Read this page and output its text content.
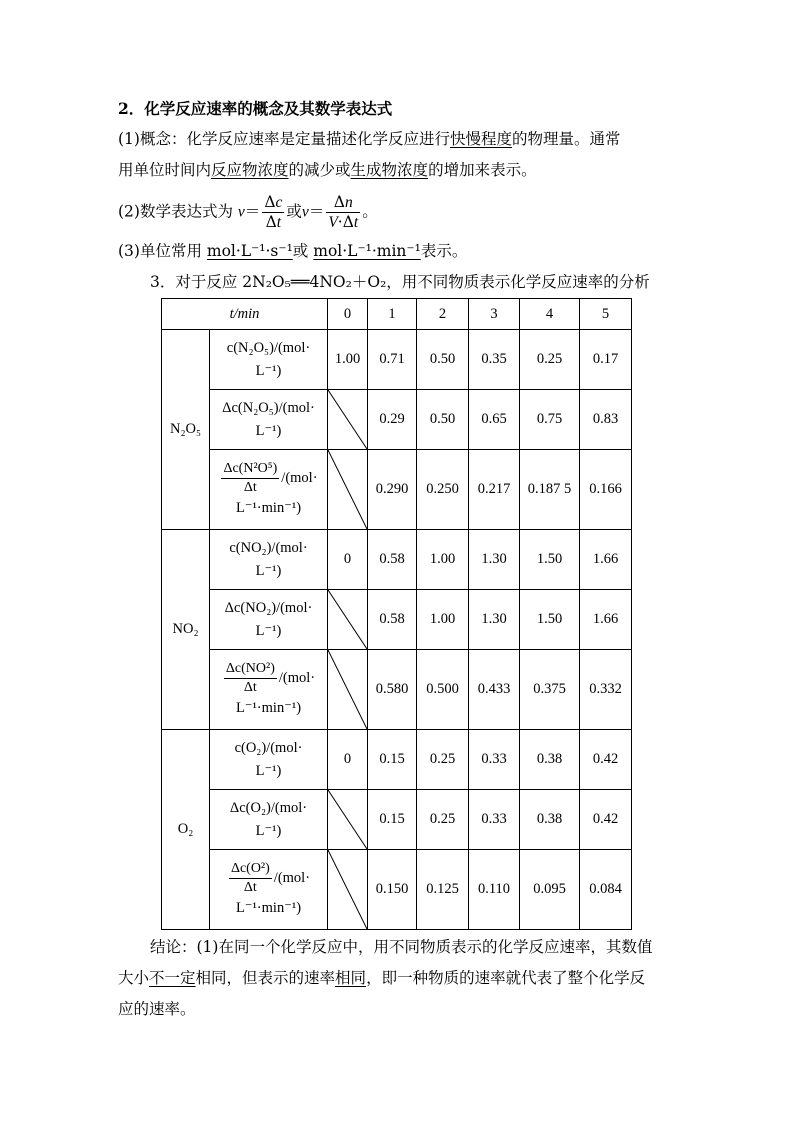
2．化学反应速率的概念及其数学表达式
(1)概念：化学反应速率是定量描述化学反应进行快慢程度的物理量。通常
用单位时间内反应物浓度的减少或生成物浓度的增加来表示。
(2)数学表达式为 $v= \frac{\Delta c}{\Delta t}$ 或$v= \frac{\Delta n}{V\cdot\Delta t}$ 。
(3)单位常用 mol·L⁻¹·s⁻¹或 mol·L⁻¹·min⁻¹表示。
3．对于反应 2N₂O₅══4NO₂＋O₂，用不同物质表示化学反应速率的分析
t/min		0	1	2	3	4	5
N₂O₅	c(N₂O₅)/(mol·
L⁻¹)	1.00	0.71	0.50	0.35	0.25	0.17
	Δc(N₂O₅)/(mol·
L⁻¹)		0.29	0.50	0.65	0.75	0.83

	$\frac{\text{Δc(N²O⁵)}}{\Delta t} /(mol\cdot$
L⁻¹·min⁻¹)		0.290	0.250	0.217	0.187 5	0.166
NO₂	c(NO₂)/(mol·
L⁻¹)	0	0.58	1.00	1.30	1.50	1.66
	Δc(NO₂)/(mol·
L⁻¹)		0.58	1.00	1.30	1.50	1.66

	$\frac{\text{Δc(NO²)}}{\Delta t} /(mol\cdot$
L⁻¹·min⁻¹)		0.580	0.500	0.433	0.375	0.332
O₂	c(O₂)/(mol·
L⁻¹)	0	0.15	0.25	0.33	0.38	0.42
	Δc(O₂)/(mol·
L⁻¹)		0.15	0.25	0.33	0.38	0.42

	$\frac{\text{Δc(O²)}}{\Delta t} /(mol\cdot$
L⁻¹·min⁻¹)		0.150	0.125	0.110	0.095	0.084
结论：(1)在同一个化学反应中，用不同物质表示的化学反应速率，其数值
大小不一定相同，但表示的速率相同，即一种物质的速率就代表了整个化学反
应的速率。
